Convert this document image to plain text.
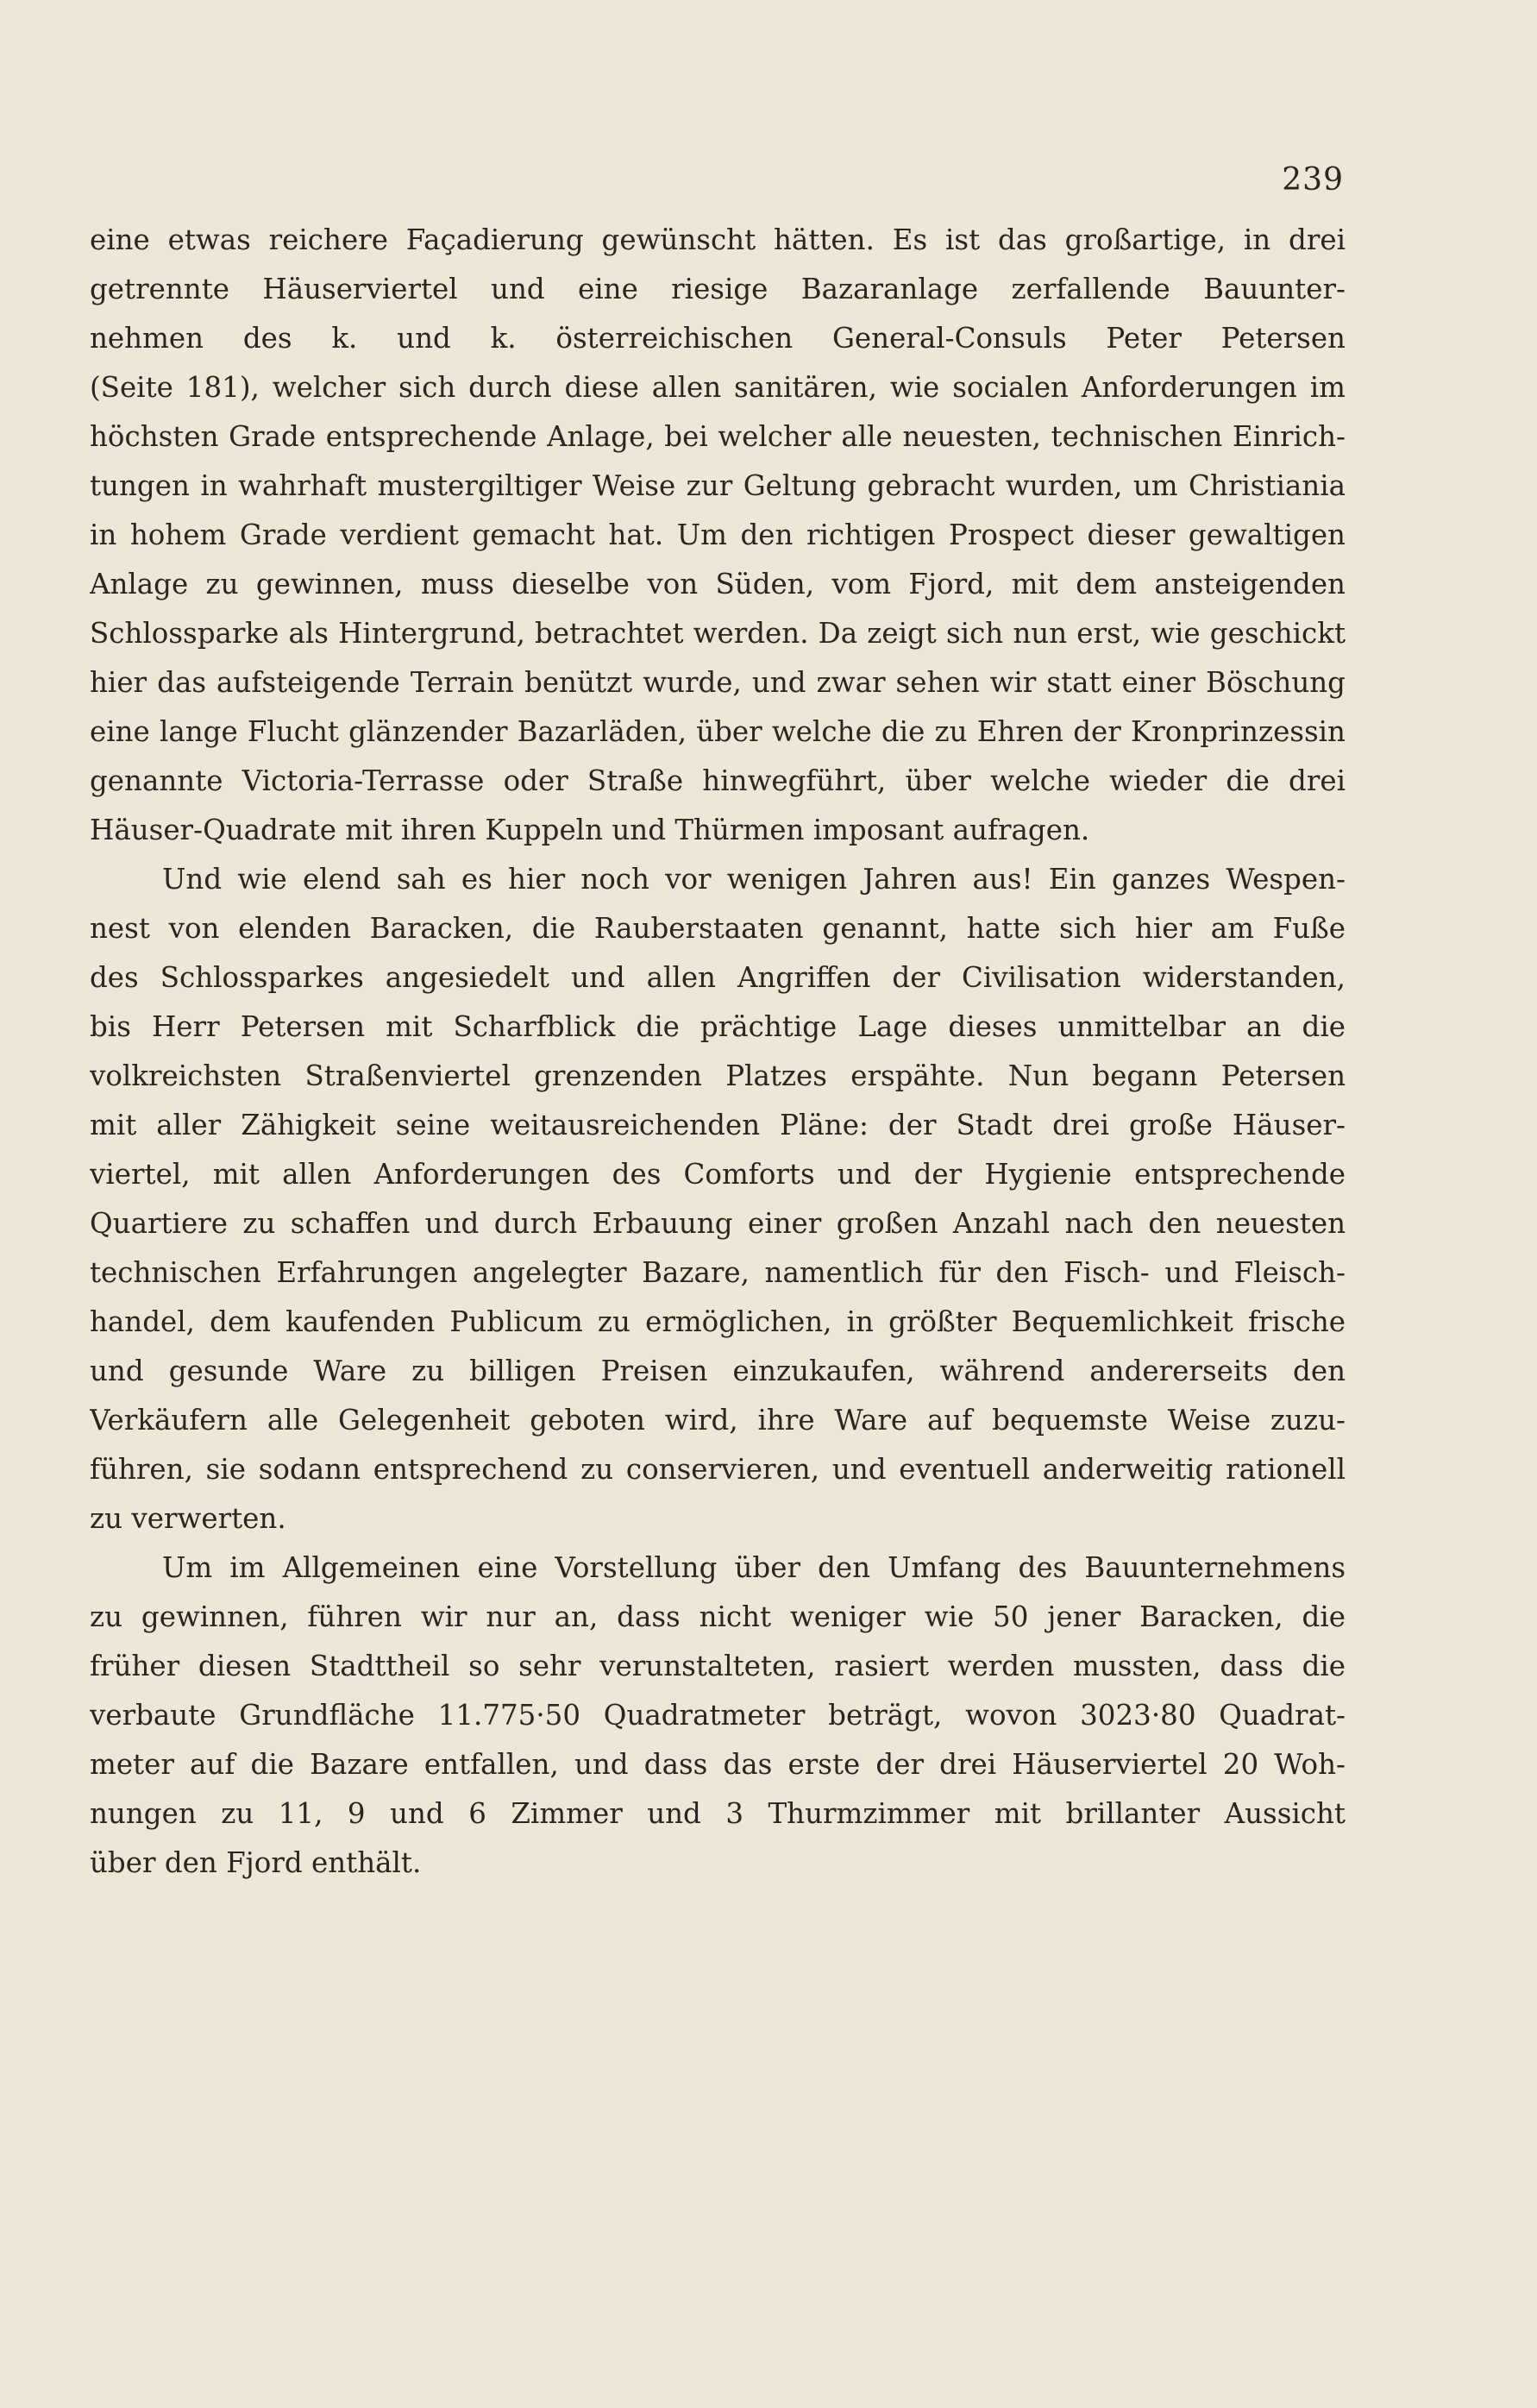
239
eine etwas reichere Façadierung gewünscht hätten. Es ist das großartige, in drei
getrennte Häuserviertel und eine riesige Bazaranlage zerfallende Bauunter-
nehmen des k. und k. österreichischen General-Consuls Peter Petersen
(Seite 181), welcher sich durch diese allen sanitären, wie socialen Anforderungen im
höchsten Grade entsprechende Anlage, bei welcher alle neuesten, technischen Einrich-
tungen in wahrhaft mustergiltiger Weise zur Geltung gebracht wurden, um Christiania
in hohem Grade verdient gemacht hat. Um den richtigen Prospect dieser gewaltigen
Anlage zu gewinnen, muss dieselbe von Süden, vom Fjord, mit dem ansteigenden
Schlossparke als Hintergrund, betrachtet werden. Da zeigt sich nun erst, wie geschickt
hier das aufsteigende Terrain benützt wurde, und zwar sehen wir statt einer Böschung
eine lange Flucht glänzender Bazarläden, über welche die zu Ehren der Kronprinzessin
genannte Victoria-Terrasse oder Straße hinwegführt, über welche wieder die drei
Häuser-Quadrate mit ihren Kuppeln und Thürmen imposant aufragen.
Und wie elend sah es hier noch vor wenigen Jahren aus! Ein ganzes Wespen-
nest von elenden Baracken, die Rauberstaaten genannt, hatte sich hier am Fuße
des Schlossparkes angesiedelt und allen Angriffen der Civilisation widerstanden,
bis Herr Petersen mit Scharfblick die prächtige Lage dieses unmittelbar an die
volkreichsten Straßenviertel grenzenden Platzes erspähte. Nun begann Petersen
mit aller Zähigkeit seine weitausreichenden Pläne: der Stadt drei große Häuser-
viertel, mit allen Anforderungen des Comforts und der Hygienie entsprechende
Quartiere zu schaffen und durch Erbauung einer großen Anzahl nach den neuesten
technischen Erfahrungen angelegter Bazare, namentlich für den Fisch- und Fleisch-
handel, dem kaufenden Publicum zu ermöglichen, in größter Bequemlichkeit frische
und gesunde Ware zu billigen Preisen einzukaufen, während andererseits den
Verkäufern alle Gelegenheit geboten wird, ihre Ware auf bequemste Weise zuzu-
führen, sie sodann entsprechend zu conservieren, und eventuell anderweitig rationell
zu verwerten.
Um im Allgemeinen eine Vorstellung über den Umfang des Bauunternehmens
zu gewinnen, führen wir nur an, dass nicht weniger wie 50 jener Baracken, die
früher diesen Stadttheil so sehr verunstalteten, rasiert werden mussten, dass die
verbaute Grundfläche 11.775·50 Quadratmeter beträgt, wovon 3023·80 Quadrat-
meter auf die Bazare entfallen, und dass das erste der drei Häuserviertel 20 Woh-
nungen zu 11, 9 und 6 Zimmer und 3 Thurmzimmer mit brillanter Aussicht
über den Fjord enthält.
